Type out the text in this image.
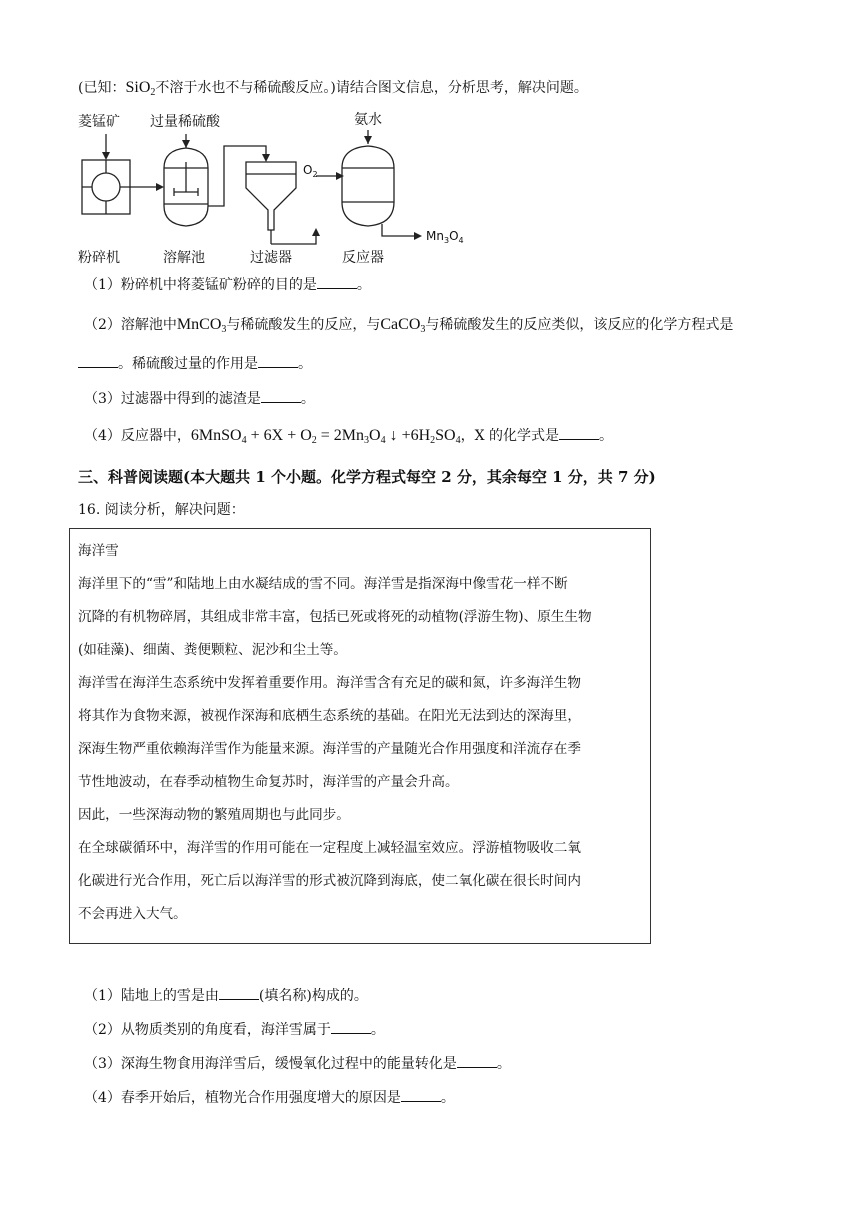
(已知：SiO$_2$不溶于水也不与稀硫酸反应。)请结合图文信息，分析思考，解决问题。
菱锰矿 过量稀硫酸	氨水
$O_2$
$Mn_3O_4$
粉碎机	溶解池	过滤器	反应器
（1）粉碎机中将菱锰矿粉碎的目的是	。
（2）溶解池中MnCO$_3$与稀硫酸发生的反应，与CaCO$_3$与稀硫酸发生的反应类似，该反应的化学方程式是
。稀硫酸过量的作用是	。
（3）过滤器中得到的滤渣是	。
（4）反应器中，6MnSO$_4$ + $6X + O_2 = 2Mn_3O_4$ ↓ $+6H_2SO_4$，X 的化学式是	。
三、科普阅读题(本大题共 1 个小题。化学方程式每空 2 分，其余每空 1 分，共 7 分)
16. 阅读分析，解决问题：
海洋雪
海洋里下的“雪”和陆地上由水凝结成的雪不同。海洋雪是指深海中像雪花一样不断
沉降的有机物碎屑，其组成非常丰富，包括已死或将死的动植物(浮游生物)、原生生物
(如硅藻)、细菌、粪便颗粒、泥沙和尘土等。
海洋雪在海洋生态系统中发挥着重要作用。海洋雪含有充足的碳和氮，许多海洋生物
将其作为食物来源，被视作深海和底栖生态系统的基础。在阳光无法到达的深海里，
深海生物严重依赖海洋雪作为能量来源。海洋雪的产量随光合作用强度和洋流存在季
节性地波动，在春季动植物生命复苏时，海洋雪的产量会升高。
因此，一些深海动物的繁殖周期也与此同步。
在全球碳循环中，海洋雪的作用可能在一定程度上减轻温室效应。浮游植物吸收二氧
化碳进行光合作用，死亡后以海洋雪的形式被沉降到海底，使二氧化碳在很长时间内
不会再进入大气。
（1）陆地上的雪是由	(填名称)构成的。
（2）从物质类别的角度看，海洋雪属于	。
（3）深海生物食用海洋雪后，缓慢氧化过程中的能量转化是	。
（4）春季开始后，植物光合作用强度增大的原因是	。
